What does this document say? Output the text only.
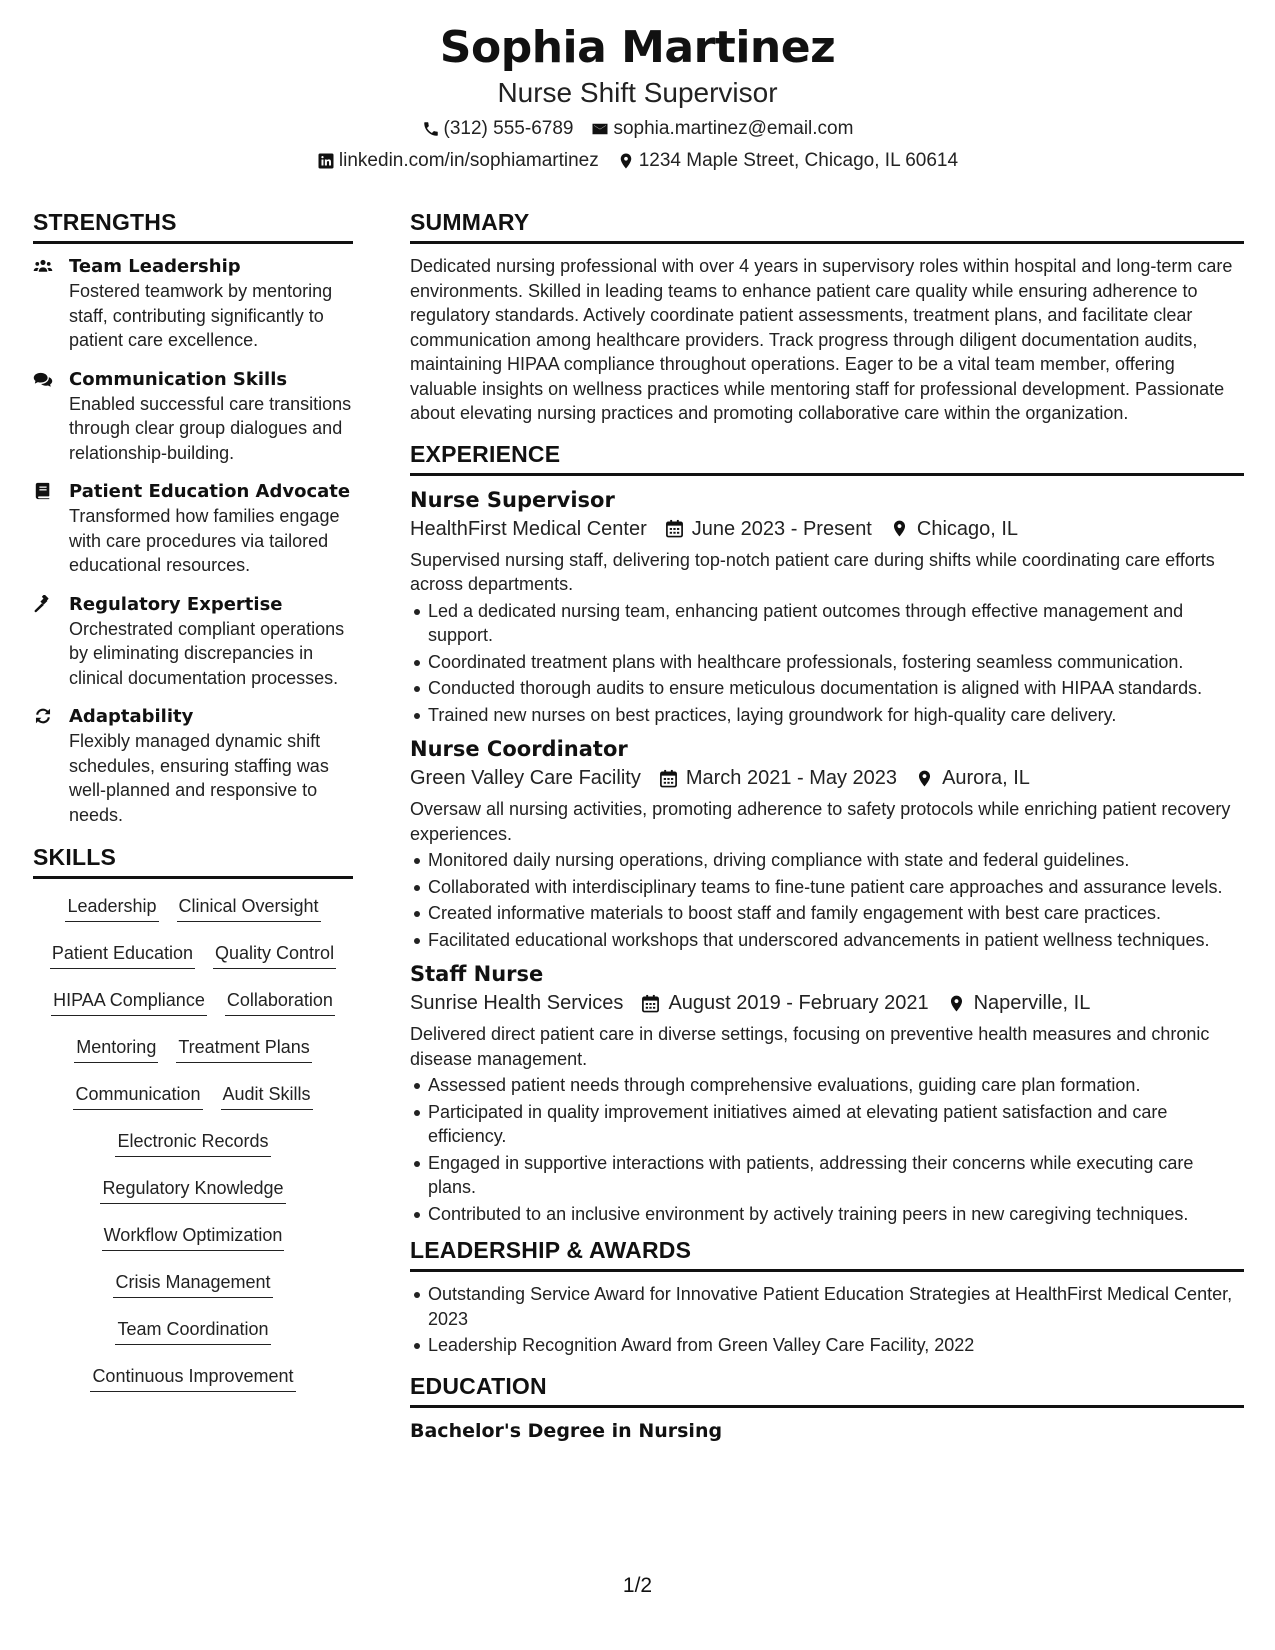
Sophia Martinez
Nurse Shift Supervisor
(312) 555-6789 sophia.martinez@email.com
linkedin.com/in/sophiamartinez 1234 Maple Street, Chicago, IL 60614
STRENGTHS
Team Leadership
Fostered teamwork by mentoring staff, contributing significantly to patient care excellence.
Communication Skills
Enabled successful care transitions through clear group dialogues and relationship-building.
Patient Education Advocate
Transformed how families engage with care procedures via tailored educational resources.
Regulatory Expertise
Orchestrated compliant operations by eliminating discrepancies in clinical documentation processes.
Adaptability
Flexibly managed dynamic shift schedules, ensuring staffing was well-planned and responsive to needs.
SKILLS
Leadership Clinical Oversight
Patient Education Quality Control
HIPAA Compliance Collaboration
Mentoring Treatment Plans
Communication Audit Skills
Electronic Records
Regulatory Knowledge
Workflow Optimization
Crisis Management
Team Coordination
Continuous Improvement
SUMMARY
Dedicated nursing professional with over 4 years in supervisory roles within hospital and long-term care environments. Skilled in leading teams to enhance patient care quality while ensuring adherence to regulatory standards. Actively coordinate patient assessments, treatment plans, and facilitate clear communication among healthcare providers. Track progress through diligent documentation audits, maintaining HIPAA compliance throughout operations. Eager to be a vital team member, offering valuable insights on wellness practices while mentoring staff for professional development. Passionate about elevating nursing practices and promoting collaborative care within the organization.
EXPERIENCE
Nurse Supervisor
HealthFirst Medical Center June 2023 - Present Chicago, IL
Supervised nursing staff, delivering top-notch patient care during shifts while coordinating care efforts across departments.
Led a dedicated nursing team, enhancing patient outcomes through effective management and support.
Coordinated treatment plans with healthcare professionals, fostering seamless communication.
Conducted thorough audits to ensure meticulous documentation is aligned with HIPAA standards.
Trained new nurses on best practices, laying groundwork for high-quality care delivery.
Nurse Coordinator
Green Valley Care Facility March 2021 - May 2023 Aurora, IL
Oversaw all nursing activities, promoting adherence to safety protocols while enriching patient recovery experiences.
Monitored daily nursing operations, driving compliance with state and federal guidelines.
Collaborated with interdisciplinary teams to fine-tune patient care approaches and assurance levels.
Created informative materials to boost staff and family engagement with best care practices.
Facilitated educational workshops that underscored advancements in patient wellness techniques.
Staff Nurse
Sunrise Health Services August 2019 - February 2021 Naperville, IL
Delivered direct patient care in diverse settings, focusing on preventive health measures and chronic disease management.
Assessed patient needs through comprehensive evaluations, guiding care plan formation.
Participated in quality improvement initiatives aimed at elevating patient satisfaction and care efficiency.
Engaged in supportive interactions with patients, addressing their concerns while executing care plans.
Contributed to an inclusive environment by actively training peers in new caregiving techniques.
LEADERSHIP & AWARDS
Outstanding Service Award for Innovative Patient Education Strategies at HealthFirst Medical Center, 2023
Leadership Recognition Award from Green Valley Care Facility, 2022
EDUCATION
Bachelor's Degree in Nursing
1/2
